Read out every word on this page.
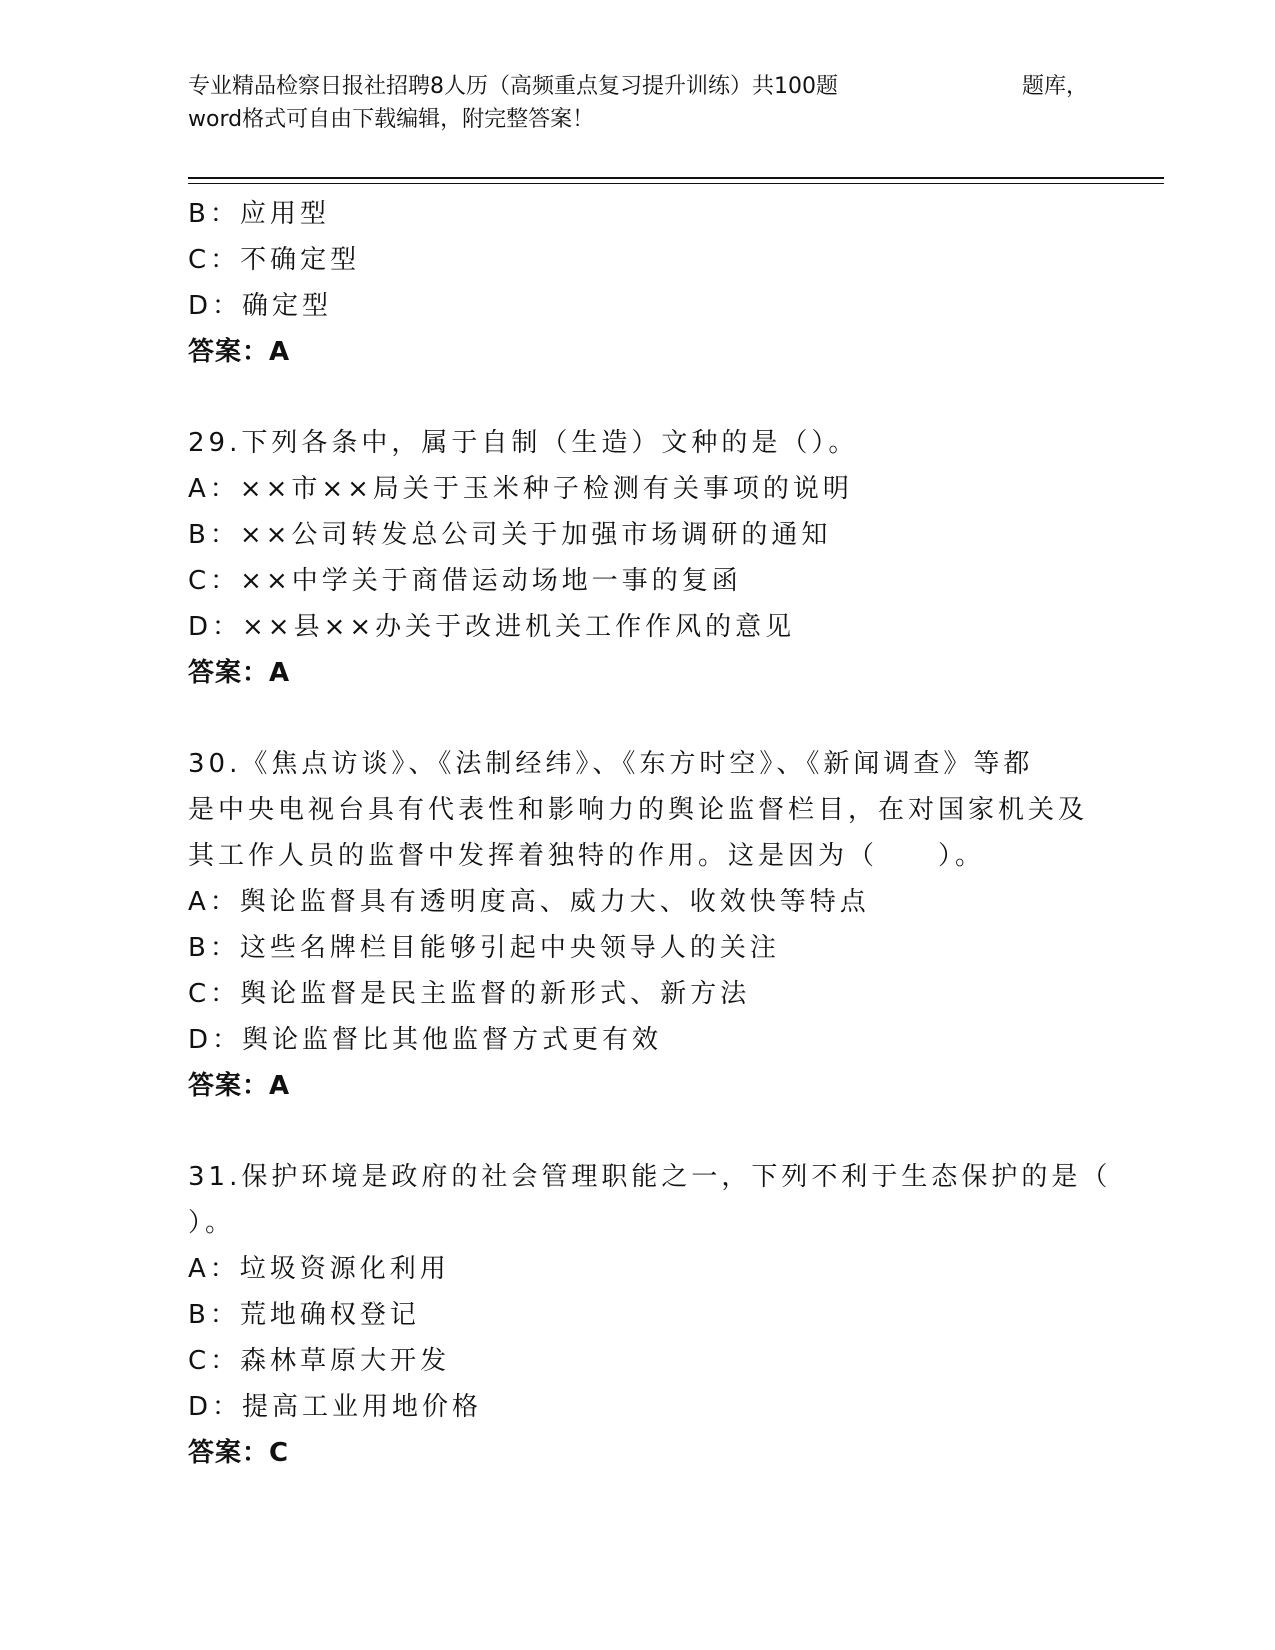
专业精品检察日报社招聘8人历（高频重点复习提升训练）共100题	题库，
word格式可自由下载编辑，附完整答案！
B：应用型
C：不确定型
D：确定型
答案：A
29.下列各条中，属于自制（生造）文种的是（）。
A：××市××局关于玉米种子检测有关事项的说明
B：××公司转发总公司关于加强市场调研的通知
C：××中学关于商借运动场地一事的复函
D：××县××办关于改进机关工作作风的意见
答案：A
30.《焦点访谈》、《法制经纬》、《东方时空》、《新闻调查》等都
是中央电视台具有代表性和影响力的舆论监督栏目，在对国家机关及
其工作人员的监督中发挥着独特的作用。这是因为（　　）。
A：舆论监督具有透明度高、威力大、收效快等特点
B：这些名牌栏目能够引起中央领导人的关注
C：舆论监督是民主监督的新形式、新方法
D：舆论监督比其他监督方式更有效
答案：A
31.保护环境是政府的社会管理职能之一，下列不利于生态保护的是（
）。
A：垃圾资源化利用
B：荒地确权登记
C：森林草原大开发
D：提高工业用地价格
答案：C
